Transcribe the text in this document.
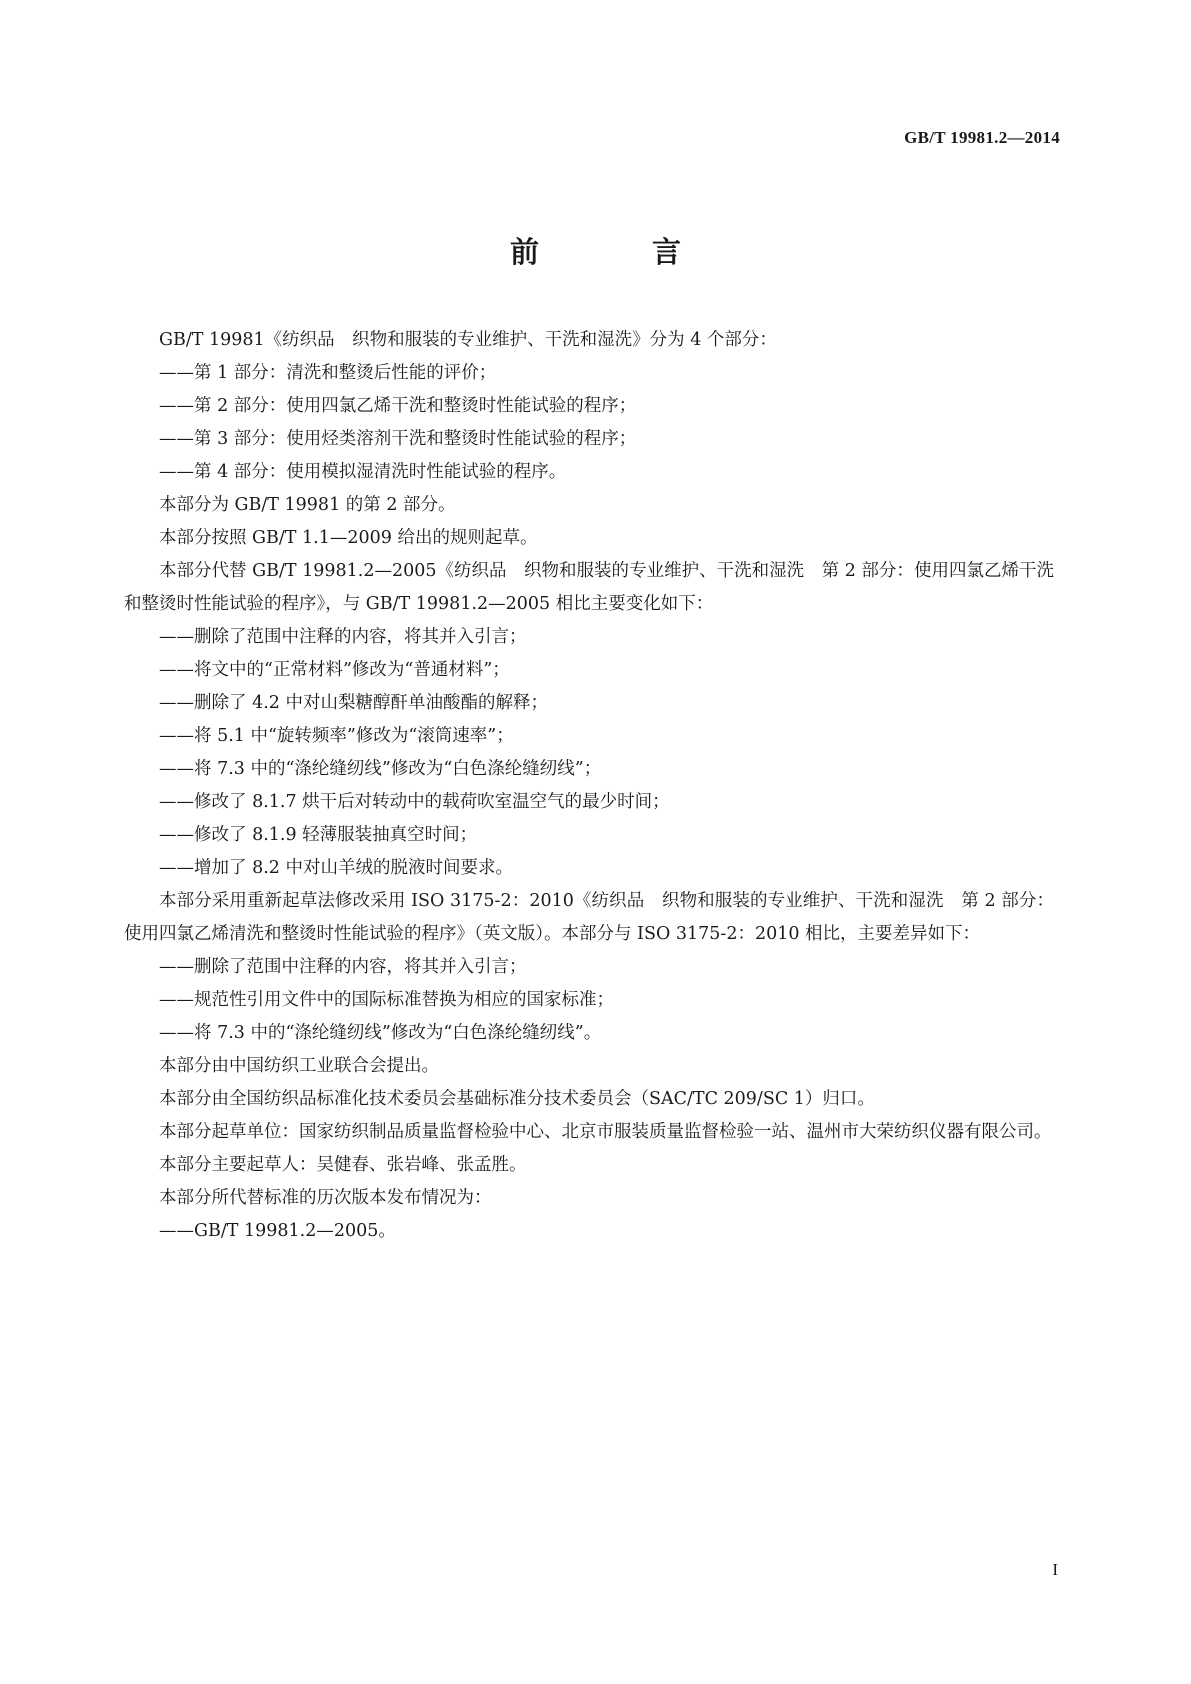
GB/T 19981.2—2014
前　言

GB/T 19981《纺织品　织物和服装的专业维护、干洗和湿洗》分为 4 个部分：

——第 1 部分：清洗和整烫后性能的评价；

——第 2 部分：使用四氯乙烯干洗和整烫时性能试验的程序；

——第 3 部分：使用烃类溶剂干洗和整烫时性能试验的程序；

——第 4 部分：使用模拟湿清洗时性能试验的程序。

本部分为 GB/T 19981 的第 2 部分。

本部分按照 GB/T 1.1—2009 给出的规则起草。

本部分代替 GB/T 19981.2—2005《纺织品　织物和服装的专业维护、干洗和湿洗　第 2 部分：使用四氯乙烯干洗和整烫时性能试验的程序》，与 GB/T 19981.2—2005 相比主要变化如下：

——删除了范围中注释的内容，将其并入引言；

——将文中的“正常材料”修改为“普通材料”；

——删除了 4.2 中对山梨糖醇酐单油酸酯的解释；

——将 5.1 中“旋转频率”修改为“滚筒速率”；

——将 7.3 中的“涤纶缝纫线”修改为“白色涤纶缝纫线”；

——修改了 8.1.7 烘干后对转动中的载荷吹室温空气的最少时间；

——修改了 8.1.9 轻薄服装抽真空时间；

——增加了 8.2 中对山羊绒的脱液时间要求。

本部分采用重新起草法修改采用 ISO 3175-2：2010《纺织品　织物和服装的专业维护、干洗和湿洗　第 2 部分：使用四氯乙烯清洗和整烫时性能试验的程序》（英文版）。本部分与 ISO 3175-2：2010 相比，主要差异如下：

——删除了范围中注释的内容，将其并入引言；

——规范性引用文件中的国际标准替换为相应的国家标准；

——将 7.3 中的“涤纶缝纫线”修改为“白色涤纶缝纫线”。

本部分由中国纺织工业联合会提出。

本部分由全国纺织品标准化技术委员会基础标准分技术委员会（SAC/TC 209/SC 1）归口。

本部分起草单位：国家纺织制品质量监督检验中心、北京市服装质量监督检验一站、温州市大荣纺织仪器有限公司。

本部分主要起草人：吴健春、张岩峰、张孟胜。

本部分所代替标准的历次版本发布情况为：

——GB/T 19981.2—2005。

I
